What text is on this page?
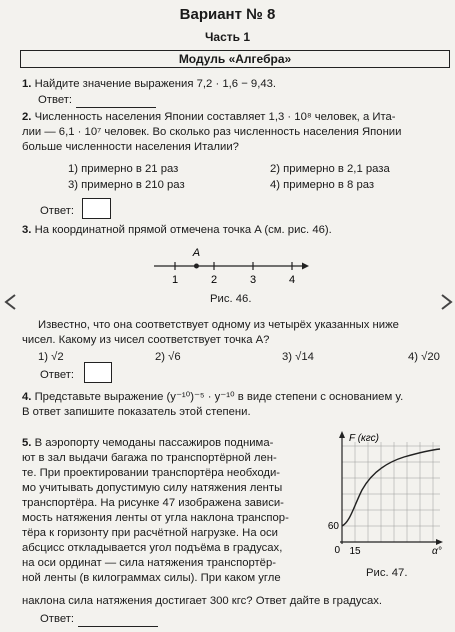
Вариант № 8
Часть 1
Модуль «Алгебра»
1. Найдите значение выражения 7,2 · 1,6 − 9,43.
Ответ:
2. Численность населения Японии составляет 1,3 · 10⁸ человек, а Ита-
лии — 6,1 · 10⁷ человек. Во сколько раз численность населения Японии
больше численности населения Италии?
1) примерно в 21 раз	2) примерно в 2,1 раза
3) примерно в 210 раз	4) примерно в 8 раз
Ответ:
3. На координатной прямой отмечена точка A (см. рис. 46).
A
1	2	3	4
Рис. 46.
Известно, что она соответствует одному из четырёх указанных ниже
чисел. Какому из чисел соответствует точка A?
1) √2	2) √6	3) √14	4) √20
Ответ:
4. Представьте выражение (y⁻¹⁰)⁻⁵ · y⁻¹⁰ в виде степени с основанием y.
В ответ запишите показатель этой степени.
5. В аэропорту чемоданы пассажиров поднима-
ют в зал выдачи багажа по транспортёрной лен-
те. При проектировании транспортёра необходи-
мо учитывать допустимую силу натяжения ленты
транспортёра. На рисунке 47 изображена зависи-
мость натяжения ленты от угла наклона транспор-
тёра к горизонту при расчётной нагрузке. На оси
абсцисс откладывается угол подъёма в градусах,
на оси ординат — сила натяжения транспортёр-
ной ленты (в килограммах силы). При каком угле
наклона сила натяжения достигает 300 кгс? Ответ дайте в градусах.
F (кгс)
α°
0 15
60
Рис. 47.
Ответ:
